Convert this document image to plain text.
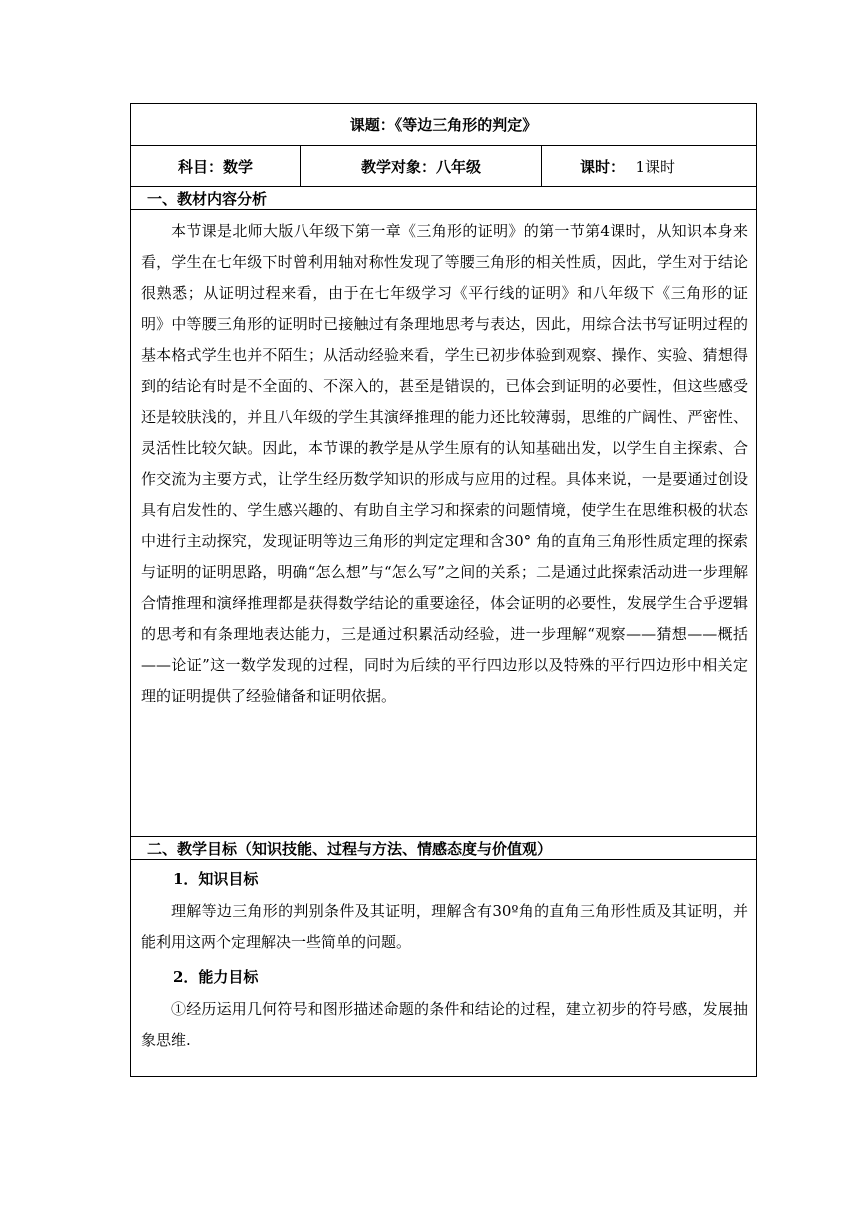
课题：《等边三角形的判定》
科目：数学	教学对象：八年级	课时： 1课时
一、教材内容分析

本节课是北师大版八年级下第一章《三角形的证明》的第一节第4课时，从知识本身来看，学生在七年级下时曾利用轴对称性发现了等腰三角形的相关性质，因此，学生对于结论很熟悉；从证明过程来看，由于在七年级学习《平行线的证明》和八年级下《三角形的证明》中等腰三角形的证明时已接触过有条理地思考与表达，因此，用综合法书写证明过程的基本格式学生也并不陌生；从活动经验来看，学生已初步体验到观察、操作、实验、猜想得到的结论有时是不全面的、不深入的，甚至是错误的，已体会到证明的必要性，但这些感受还是较肤浅的，并且八年级的学生其演绎推理的能力还比较薄弱，思维的广阔性、严密性、灵活性比较欠缺。因此，本节课的教学是从学生原有的认知基础出发，以学生自主探索、合作交流为主要方式，让学生经历数学知识的形成与应用的过程。具体来说，一是要通过创设具有启发性的、学生感兴趣的、有助自主学习和探索的问题情境，使学生在思维积极的状态中进行主动探究，发现证明等边三角形的判定定理和含30° 角的直角三角形性质定理的探索与证明的证明思路，明确“怎么想”与“怎么写”之间的关系；二是通过此探索活动进一步理解合情推理和演绎推理都是获得数学结论的重要途径，体会证明的必要性，发展学生合乎逻辑的思考和有条理地表达能力，三是通过积累活动经验，进一步理解“观察——猜想——概括——论证”这一数学发现的过程，同时为后续的平行四边形以及特殊的平行四边形中相关定理的证明提供了经验储备和证明依据。

二、教学目标（知识技能、过程与方法、情感态度与价值观）

1．知识目标

理解等边三角形的判别条件及其证明，理解含有30º角的直角三角形性质及其证明，并能利用这两个定理解决一些简单的问题。

2．能力目标

①经历运用几何符号和图形描述命题的条件和结论的过程，建立初步的符号感，发展抽象思维.
